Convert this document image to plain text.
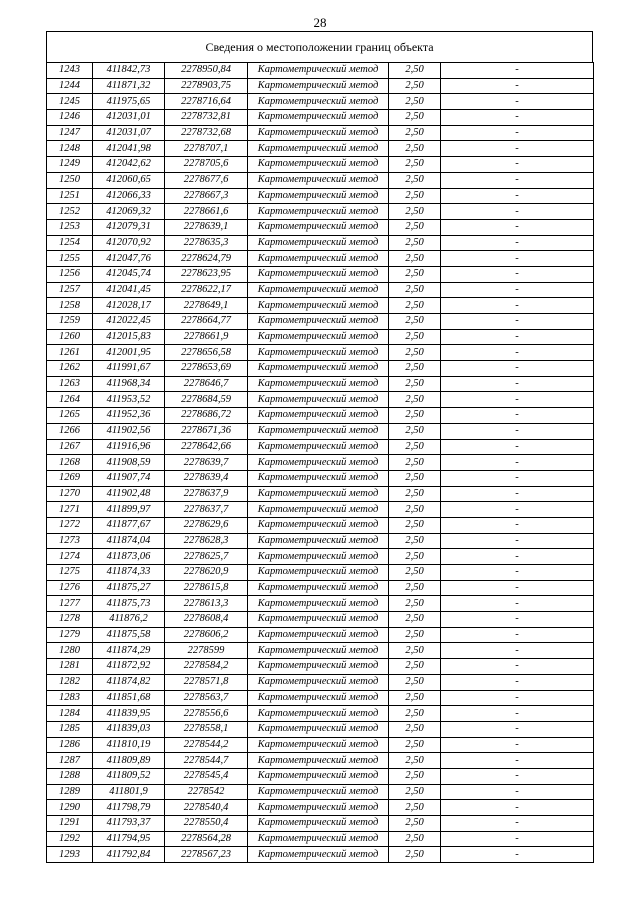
28
Сведения о местоположении границ объекта
1243	411842,73	2278950,84	Картометрический метод	2,50	-
1244	411871,32	2278903,75	Картометрический метод	2,50	-
1245	411975,65	2278716,64	Картометрический метод	2,50	-
1246	412031,01	2278732,81	Картометрический метод	2,50	-
1247	412031,07	2278732,68	Картометрический метод	2,50	-
1248	412041,98	2278707,1	Картометрический метод	2,50	-
1249	412042,62	2278705,6	Картометрический метод	2,50	-
1250	412060,65	2278677,6	Картометрический метод	2,50	-
1251	412066,33	2278667,3	Картометрический метод	2,50	-
1252	412069,32	2278661,6	Картометрический метод	2,50	-
1253	412079,31	2278639,1	Картометрический метод	2,50	-
1254	412070,92	2278635,3	Картометрический метод	2,50	-
1255	412047,76	2278624,79	Картометрический метод	2,50	-
1256	412045,74	2278623,95	Картометрический метод	2,50	-
1257	412041,45	2278622,17	Картометрический метод	2,50	-
1258	412028,17	2278649,1	Картометрический метод	2,50	-
1259	412022,45	2278664,77	Картометрический метод	2,50	-
1260	412015,83	2278661,9	Картометрический метод	2,50	-
1261	412001,95	2278656,58	Картометрический метод	2,50	-
1262	411991,67	2278653,69	Картометрический метод	2,50	-
1263	411968,34	2278646,7	Картометрический метод	2,50	-
1264	411953,52	2278684,59	Картометрический метод	2,50	-
1265	411952,36	2278686,72	Картометрический метод	2,50	-
1266	411902,56	2278671,36	Картометрический метод	2,50	-
1267	411916,96	2278642,66	Картометрический метод	2,50	-
1268	411908,59	2278639,7	Картометрический метод	2,50	-
1269	411907,74	2278639,4	Картометрический метод	2,50	-
1270	411902,48	2278637,9	Картометрический метод	2,50	-
1271	411899,97	2278637,7	Картометрический метод	2,50	-
1272	411877,67	2278629,6	Картометрический метод	2,50	-
1273	411874,04	2278628,3	Картометрический метод	2,50	-
1274	411873,06	2278625,7	Картометрический метод	2,50	-
1275	411874,33	2278620,9	Картометрический метод	2,50	-
1276	411875,27	2278615,8	Картометрический метод	2,50	-
1277	411875,73	2278613,3	Картометрический метод	2,50	-
1278	411876,2	2278608,4	Картометрический метод	2,50	-
1279	411875,58	2278606,2	Картометрический метод	2,50	-
1280	411874,29	2278599	Картометрический метод	2,50	-
1281	411872,92	2278584,2	Картометрический метод	2,50	-
1282	411874,82	2278571,8	Картометрический метод	2,50	-
1283	411851,68	2278563,7	Картометрический метод	2,50	-
1284	411839,95	2278556,6	Картометрический метод	2,50	-
1285	411839,03	2278558,1	Картометрический метод	2,50	-
1286	411810,19	2278544,2	Картометрический метод	2,50	-
1287	411809,89	2278544,7	Картометрический метод	2,50	-
1288	411809,52	2278545,4	Картометрический метод	2,50	-
1289	411801,9	2278542	Картометрический метод	2,50	-
1290	411798,79	2278540,4	Картометрический метод	2,50	-
1291	411793,37	2278550,4	Картометрический метод	2,50	-
1292	411794,95	2278564,28	Картометрический метод	2,50	-
1293	411792,84	2278567,23	Картометрический метод	2,50	-
